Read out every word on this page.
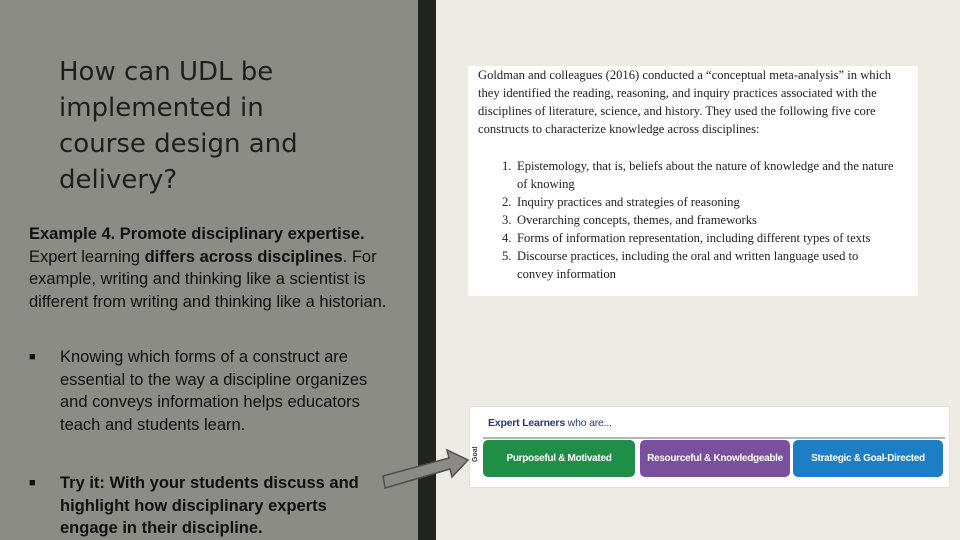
How can UDL be
implemented in
course design and
delivery?

Example 4. Promote disciplinary expertise. Expert learning differs across disciplines. For example, writing and thinking like a scientist is different from writing and thinking like a historian.

■ Knowing which forms of a construct are essential to the way a discipline organizes and conveys information helps educators teach and students learn.
■ Try it: With your students discuss and highlight how disciplinary experts engage in their discipline.

Goldman and colleagues (2016) conducted a “conceptual meta-analysis” in which they identified the reading, reasoning, and inquiry practices associated with the disciplines of literature, science, and history. They used the following five core constructs to characterize knowledge across disciplines:

1. Epistemology, that is, beliefs about the nature of knowledge and the nature of knowing
2. Inquiry practices and strategies of reasoning
3. Overarching concepts, themes, and frameworks
4. Forms of information representation, including different types of texts
5. Discourse practices, including the oral and written language used to convey information
Goal
Expert Learners who are...
Purposeful & Motivated	Resourceful & Knowledgeable	Strategic & Goal-Directed
